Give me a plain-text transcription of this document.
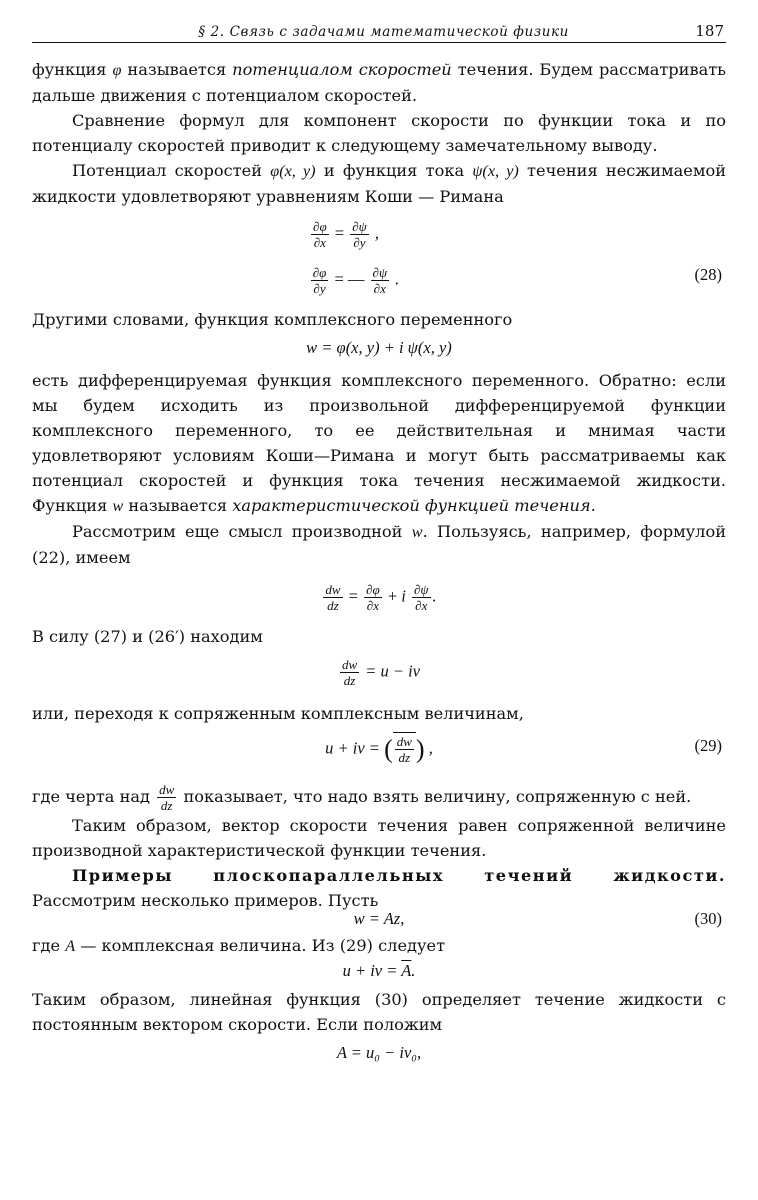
§ 2. Связь с задачами математической физики	187

функция φ называется потенциалом скоростей течения. Будем рассматривать дальше движения с потенциалом скоростей.

Сравнение формул для компонент скорости по функции тока и по потенциалу скоростей приводит к следующему замечательному выводу.

Потенциал скоростей φ(x, y) и функция тока ψ(x, y) течения несжимаемой жидкости удовлетворяют уравнениям Коши — Римана

$\frac{\partial\varphi}{\partial x} = \frac{\partial\psi}{\partial y}$ ,
$\frac{\partial\varphi}{\partial y}$ = — $\frac{\partial\psi}{\partial x}$ .	(28)

Другими словами, функция комплексного переменного

w = φ(x, y) + i ψ(x, y)

есть дифференцируемая функция комплексного переменного. Обратно: если мы будем исходить из произвольной дифференцируемой функции комплексного переменного, то ее действительная и мнимая части удовлетворяют условиям Коши—Римана и могут быть рассматриваемы как потенциал скоростей и функция тока течения несжимаемой жидкости. Функция w называется характеристической функцией течения.

Рассмотрим еще смысл производной w. Пользуясь, например, формулой (22), имеем

$\frac{dw}{dz} = \frac{\partial\varphi}{\partial x} + i \frac{\partial\psi}{\partial x}$ .

В силу (27) и (26′) находим

$\frac{dw}{dz} = u$ − iv

или, переходя к сопряженным комплексным величинам,

u + iv = ( $\frac{dw}{dz}$ ) ,	(29)

где черта над $\frac{dw}{dz}$ показывает, что надо взять величину, сопряженную с ней.

Таким образом, вектор скорости течения равен сопряженной величине производной характеристической функции течения.

Примеры плоскопараллельных течений жидкости. Рассмотрим несколько примеров. Пусть

w = Az,	(30)

где A — комплексная величина. Из (29) следует

u + iv = $\overline{A}$.

Таким образом, линейная функция (30) определяет течение жидкости с постоянным вектором скорости. Если положим

A = u₀ − iv₀,
